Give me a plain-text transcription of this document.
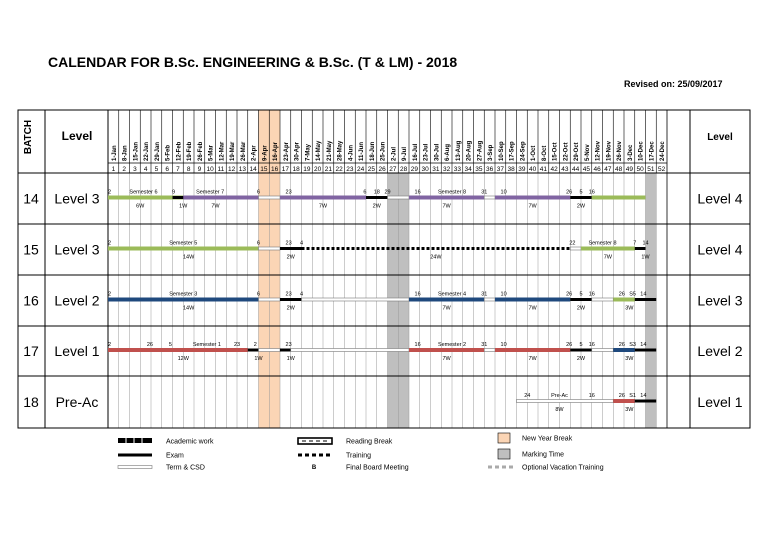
CALENDAR FOR B.Sc. ENGINEERING & B.Sc. (T & LM) - 2018
Revised on: 25/09/2017
BATCH Level	Level
1-Jan 8-Jan 15-Jan 22-Jan 29-Jan 5-Feb 12-Feb 19-Feb 26-Feb 5-Mar 12-Mar 19-Mar 26-Mar 2-Apr 9-Apr 16-Apr 23-Apr 30-Apr 7-May 14-May 21-May 28-May 4-Jun 11-Jun 18-Jun 25-Jun 2-Jul 9-Jul 16-Jul 23-Jul 30-Jul 6-Aug 13-Aug 20-Aug 27-Aug 3-Sep 10-Sep 17-Sep 24-Sep 1-Oct 8-Oct 15-Oct 22-Oct 29-Oct 5-Nov 12-Nov 19-Nov 26-Nov 3-Dec 10-Dec 17-Dec 24-Dec
1 2 3 4 5 6 7 8 9 10 11 12 13 14 15 16 17 18 19 20 21 22 23 24 25 26 27 28 29 30 31 32 33 34 35 36 37 38 39 40 41 42 43 44 45 46 47 48 49 50 51 52
14 Level 3	Level 4
2	Semester 6	9	Semester 7	6	23	6 18 29	16	Semester 8	31 10	26 5 16
6W	1W	7W	7W	2W	7W	7W	2W
15 Level 3	Level 4
2	Semester 5	6	23 4	22 Semester 8	7 14
14W	2W	24W	7W	1W
16 Level 2	Level 3
2	Semester 3	6	23 4	16	Semester 4	31 10	26 5 16	26 S5 14
14W	2W	7W	7W	2W	3W
17 Level 1	Level 2
2	26	5	Semester 1 23 2	23	16	Semester 2	31 10	26 5 16	26 S3 14
12W	1W	1W	7W	7W	2W	3W
18 Pre-Ac	Level 1
24	Pre-Ac	16	26 S1 14
8W	3W
Academic work
Exam
Term & CSD
Reading Break
Training
B	Final Board Meeting
New Year Break
Marking Time
Optional Vacation Training
